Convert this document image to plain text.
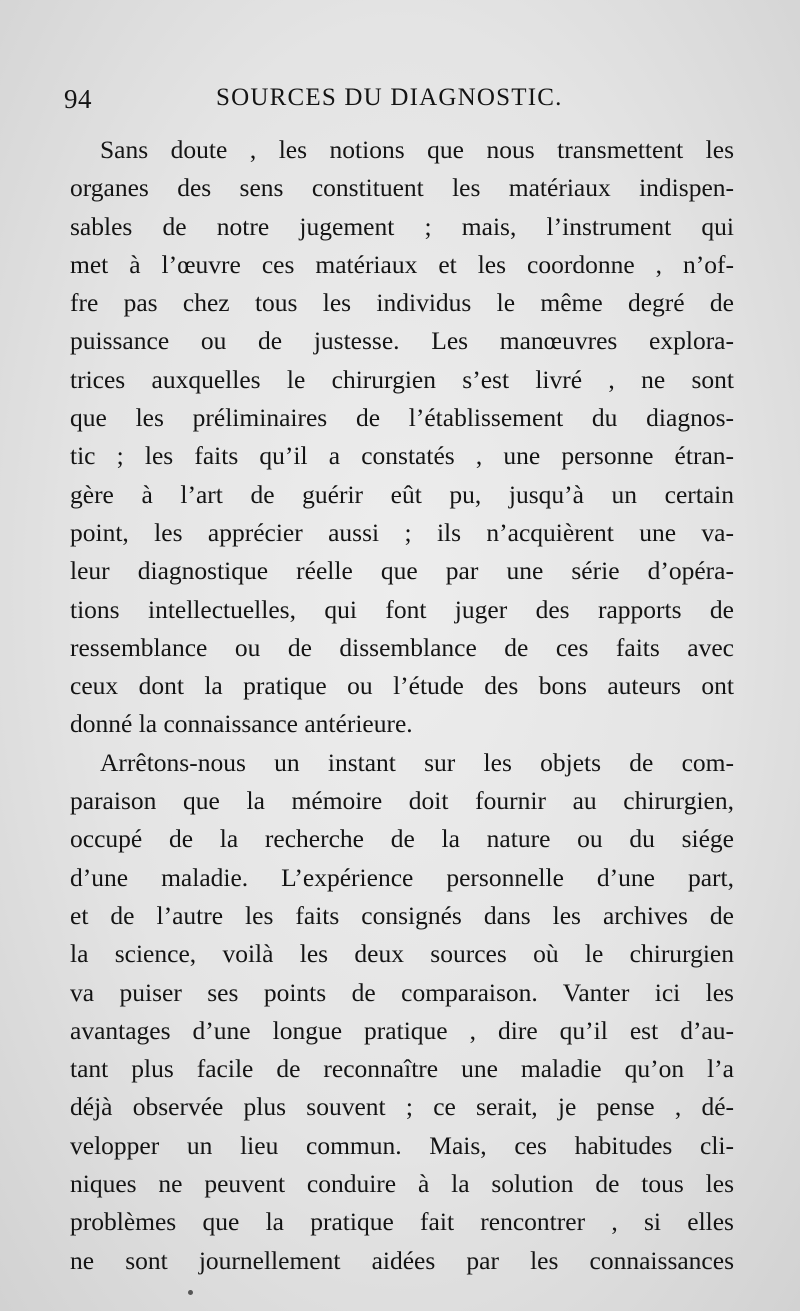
94	SOURCES DU DIAGNOSTIC.
Sans doute , les notions que nous transmettent les
organes des sens constituent les matériaux indispen-
sables de notre jugement ; mais, l’instrument qui
met à l’œuvre ces matériaux et les coordonne , n’of-
fre pas chez tous les individus le même degré de
puissance ou de justesse. Les manœuvres explora-
trices auxquelles le chirurgien s’est livré , ne sont
que les préliminaires de l’établissement du diagnos-
tic ; les faits qu’il a constatés , une personne étran-
gère à l’art de guérir eût pu, jusqu’à un certain
point, les apprécier aussi ; ils n’acquièrent une va-
leur diagnostique réelle que par une série d’opéra-
tions intellectuelles, qui font juger des rapports de
ressemblance ou de dissemblance de ces faits avec
ceux dont la pratique ou l’étude des bons auteurs ont
donné la connaissance antérieure.
Arrêtons-nous un instant sur les objets de com-
paraison que la mémoire doit fournir au chirurgien,
occupé de la recherche de la nature ou du siége
d’une maladie. L’expérience personnelle d’une part,
et de l’autre les faits consignés dans les archives de
la science, voilà les deux sources où le chirurgien
va puiser ses points de comparaison. Vanter ici les
avantages d’une longue pratique , dire qu’il est d’au-
tant plus facile de reconnaître une maladie qu’on l’a
déjà observée plus souvent ; ce serait, je pense , dé-
velopper un lieu commun. Mais, ces habitudes cli-
niques ne peuvent conduire à la solution de tous les
problèmes que la pratique fait rencontrer , si elles
ne sont journellement aidées par les connaissances
